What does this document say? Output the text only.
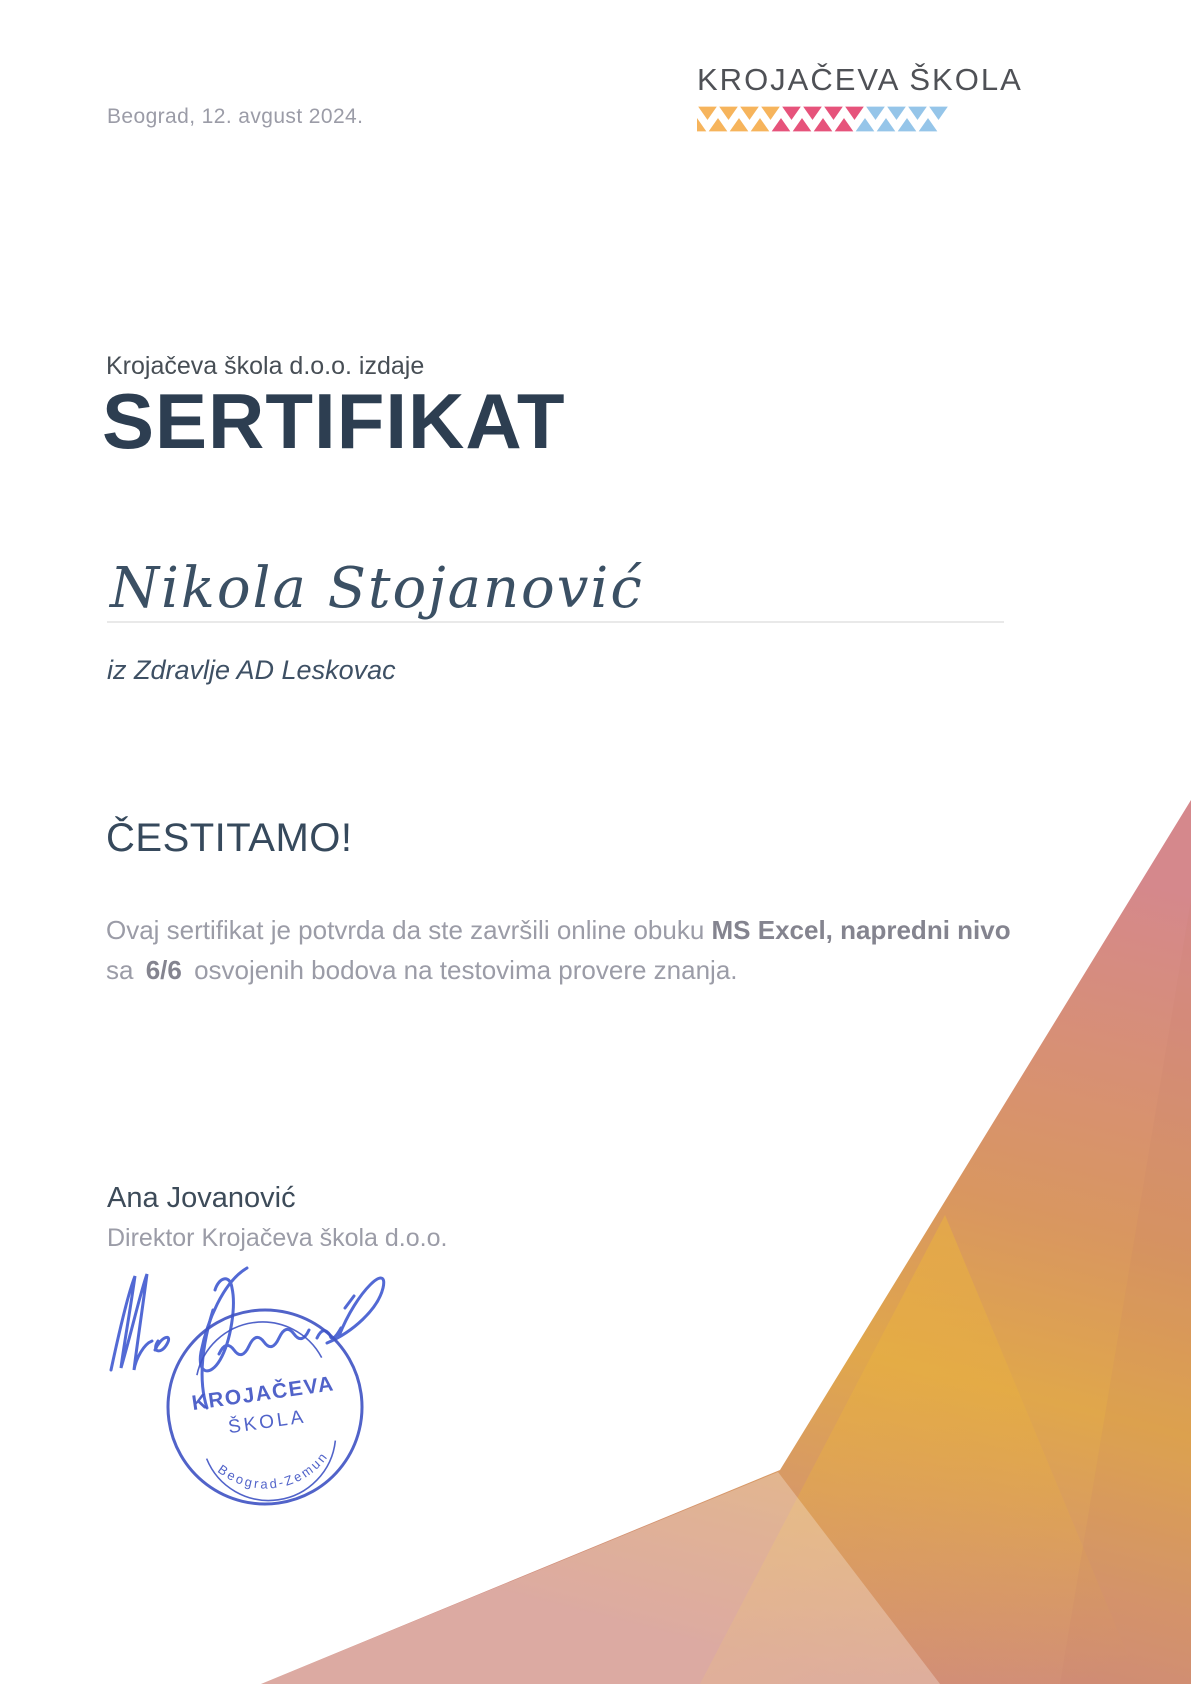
Beograd, 12. avgust 2024.
KROJAČEVA ŠKOLA
Krojačeva škola d.o.o. izdaje
SERTIFIKAT
Nikola Stojanović
iz Zdravlje AD Leskovac
ČESTITAMO!

Ovaj sertifikat je potvrda da ste završili online obuku MS Excel, napredni nivo sa 6/6 osvojenih bodova na testovima provere znanja.

Ana Jovanović
Direktor Krojačeva škola d.o.o.
KROJAČEVA
ŠKOLA
Beograd-Zemun
